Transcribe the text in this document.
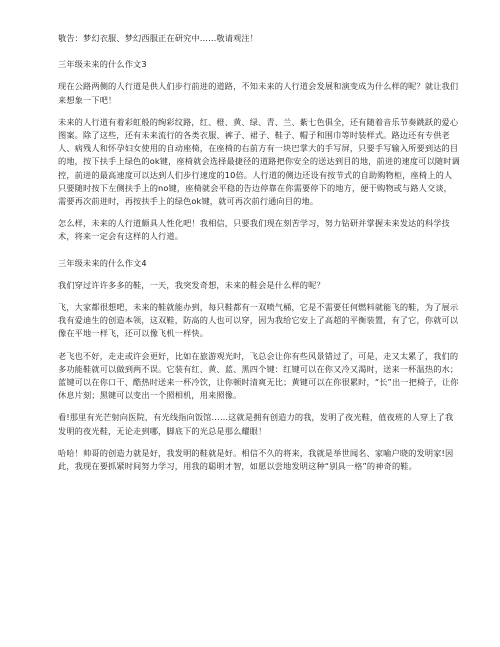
敬告：梦幻衣服、梦幻西服正在研究中……敬请观注！

三年级未来的什么作文3

现在公路两侧的人行道是供人们步行前进的道路，不知未来的人行道会发展和演变成为什么样的呢？就让我们来想象一下吧！

未来的人行道有着彩虹般的绚彩纹路，红、橙、黄、绿、青、兰、紫七色俱全，还有随着音乐节奏跳跃的爱心图案。除了这些，还有未来流行的各类衣服、裤子、裙子、鞋子、帽子和围巾等时装样式。路边还有专供老人、病残人和怀孕妇女使用的自动座椅，在座椅的右前方有一块巴掌大的手写屏，只要手写输入所要到达的目的地，按下扶手上绿色的ok键，座椅就会选择最捷径的道路把你安全的送达到目的地，前进的速度可以随时调控，前进的最高速度可以达到人们步行速度的10倍。人行道的侧边还设有按节式的自助购物柜，座椅上的人只要随时按下左侧扶手上的no键，座椅就会平稳的告边停靠在你需要停下的地方，便于购物或与路人交谈，需要再次前进时，再按扶手上的绿色ok键，就可再次前行通向目的地。

怎么样，未来的人行道颇具人性化吧！我相信，只要我们现在刻苦学习，努力钻研并掌握未来发达的科学技术，将来一定会有这样的人行道。

三年级未来的什么作文4

我们穿过许许多多的鞋，一天，我突发奇想，未来的鞋会是什么样的呢？

飞，大家都很想吧，未来的鞋就能办到，每只鞋都有一双喷气桶，它是不需要任何燃料就能飞的鞋，为了展示我有爱迪生的创造本领，这双鞋，防高的人也可以穿，因为我给它安上了高超的平衡装置，有了它，你就可以像在平地一样飞，还可以像飞机一样快。

老飞也不好，走走或许会更好，比如在旅游观光时，飞总会让你有些风景错过了，可是，走又太累了，我们的多功能鞋就可以做到两不误。它装有红、黄、蓝、黑四个键：红键可以在你又冷又渴时，送来一杯温热的水；蓝键可以在你口干、酷热时送来一杯冷饮，让你顿时清爽无比；黄键可以在你很累时，“长”出一把椅子，让你休息片刻；黑键可以变出一个照相机，用来照像。

看!那里有光芒射向医院，有光线指向饭馆……这就是拥有创造力的我，发明了夜光鞋，值夜班的人穿上了我发明的夜光鞋，无论走到哪，脚底下的光总是那么耀眼！

哈哈！帅哥的创造力就是好，我发明的鞋就是好。相信不久的将来，我就是举世闻名、家喻户晓的发明家!因此，我现在要抓紧时间努力学习，用我的聪明才智，如愿以尝地发明这种“别具一格”的神奇的鞋。
